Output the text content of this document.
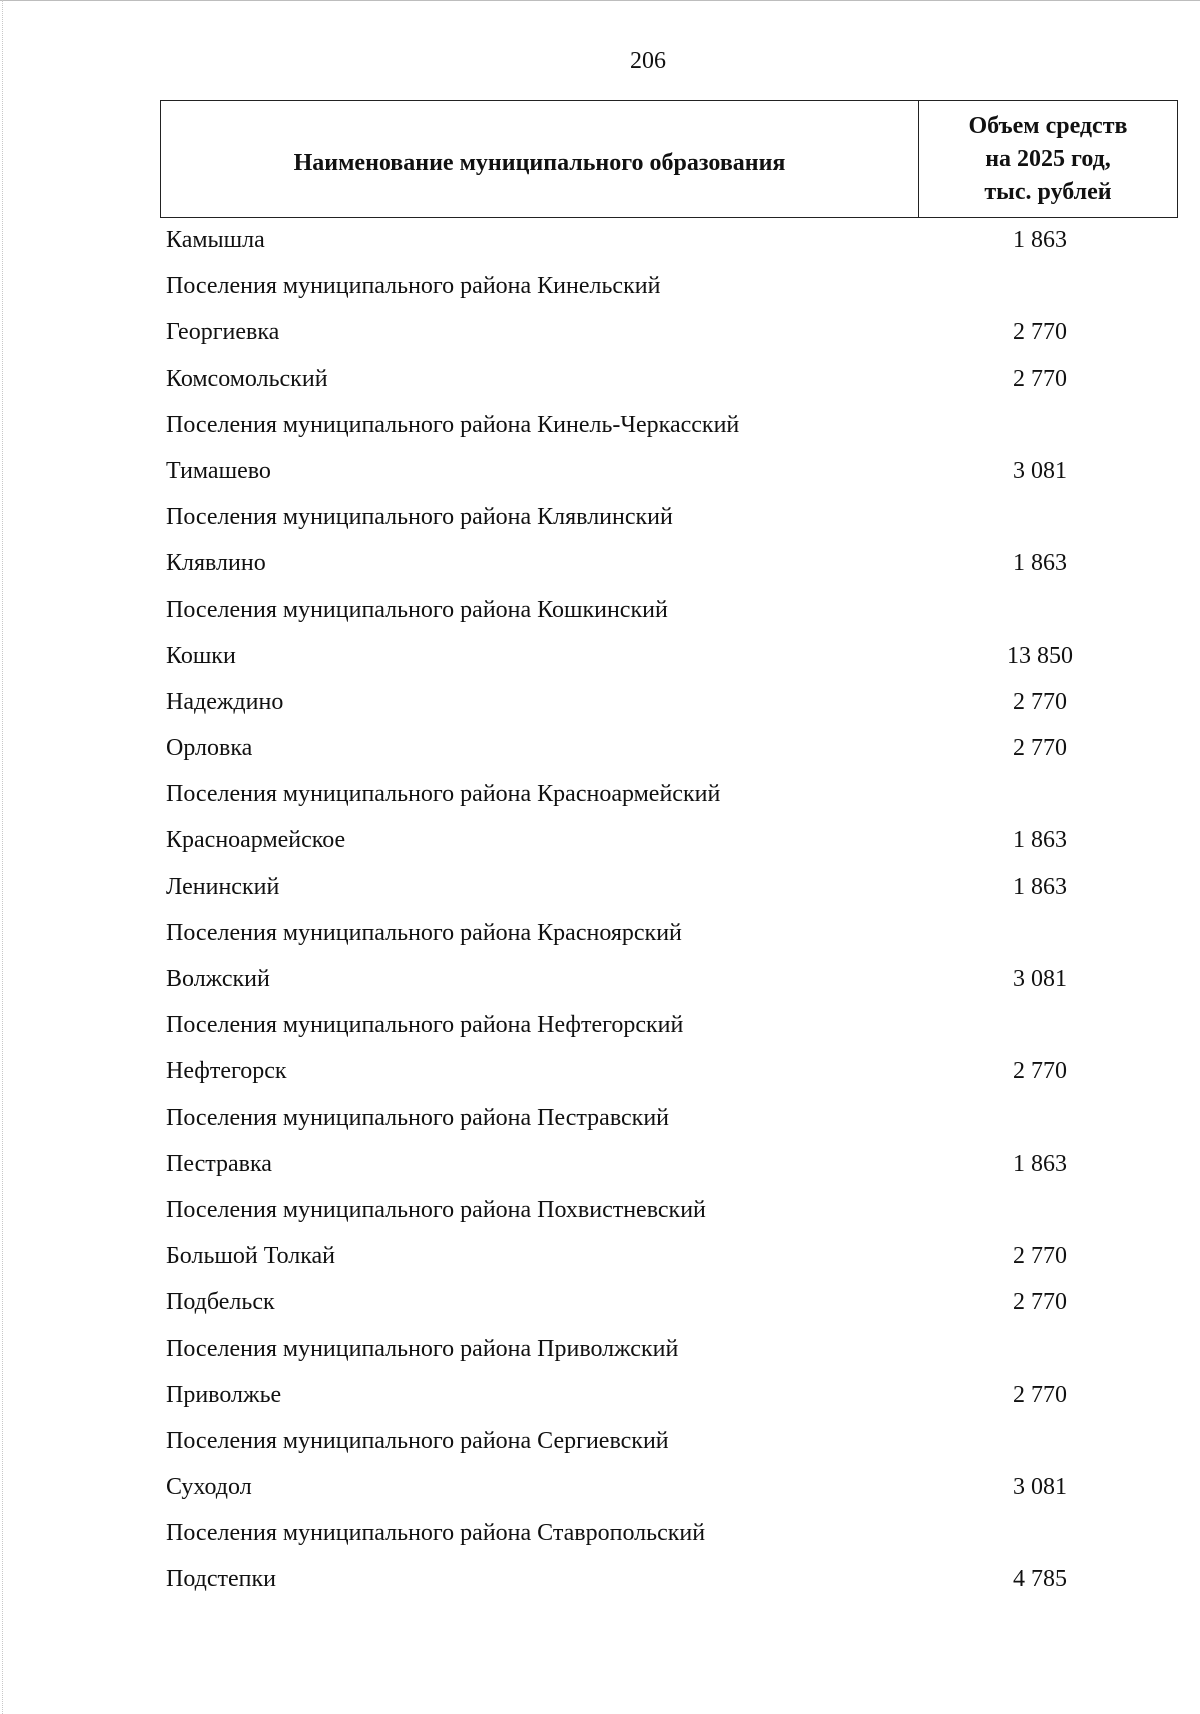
206
Наименование муниципального образования
Объем средств
на 2025 год,
тыс. рублей
Камышла	1 863
Поселения муниципального района Кинельский
Георгиевка	2 770
Комсомольский	2 770
Поселения муниципального района Кинель-Черкасский
Тимашево	3 081
Поселения муниципального района Клявлинский
Клявлино	1 863
Поселения муниципального района Кошкинский
Кошки	13 850
Надеждино	2 770
Орловка	2 770
Поселения муниципального района Красноармейский
Красноармейское	1 863
Ленинский	1 863
Поселения муниципального района Красноярский
Волжский	3 081
Поселения муниципального района Нефтегорский
Нефтегорск	2 770
Поселения муниципального района Пестравский
Пестравка	1 863
Поселения муниципального района Похвистневский
Большой Толкай	2 770
Подбельск	2 770
Поселения муниципального района Приволжский
Приволжье	2 770
Поселения муниципального района Сергиевский
Суходол	3 081
Поселения муниципального района Ставропольский
Подстепки	4 785
